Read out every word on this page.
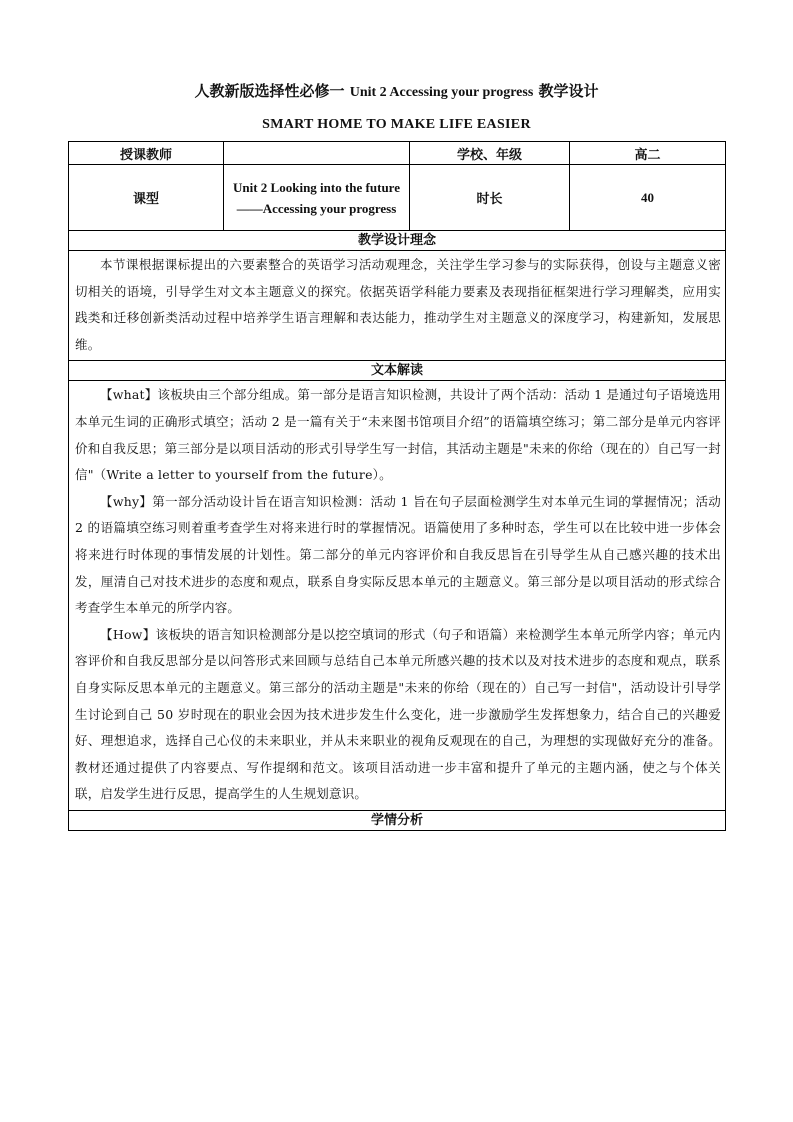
人教新版选择性必修一 Unit 2 Accessing your progress 教学设计
SMART HOME TO MAKE LIFE EASIER
授课教师		学校、年级	高二
课型	Unit 2 Looking into the future ——Accessing your progress	时长	40
教学设计理念			

本节课根据课标提出的六要素整合的英语学习活动观理念，关注学生学习参与的实际获得，创设与主题意义密切相关的语境，引导学生对文本主题意义的探究。依据英语学科能力要素及表现指征框架进行学习理解类，应用实践类和迁移创新类活动过程中培养学生语言理解和表达能力，推动学生对主题意义的深度学习，构建新知，发展思维。			

文本解读			

【what】该板块由三个部分组成。第一部分是语言知识检测，共设计了两个活动：活动 1 是通过句子语境选用本单元生词的正确形式填空；活动 2 是一篇有关于“未来图书馆项目介绍”的语篇填空练习；第二部分是单元内容评价和自我反思；第三部分是以项目活动的形式引导学生写一封信，其活动主题是"未来的你给（现在的）自己写一封信"（Write a letter to yourself from the future）。

【why】第一部分活动设计旨在语言知识检测：活动 1 旨在句子层面检测学生对本单元生词的掌握情况；活动 2 的语篇填空练习则着重考查学生对将来进行时的掌握情况。语篇使用了多种时态，学生可以在比较中进一步体会将来进行时体现的事情发展的计划性。第二部分的单元内容评价和自我反思旨在引导学生从自己感兴趣的技术出发，厘清自己对技术进步的态度和观点，联系自身实际反思本单元的主题意义。第三部分是以项目活动的形式综合考查学生本单元的所学内容。

【How】该板块的语言知识检测部分是以挖空填词的形式（句子和语篇）来检测学生本单元所学内容；单元内容评价和自我反思部分是以问答形式来回顾与总结自己本单元所感兴趣的技术以及对技术进步的态度和观点，联系自身实际反思本单元的主题意义。第三部分的活动主题是"未来的你给（现在的）自己写一封信"，活动设计引导学生讨论到自己 50 岁时现在的职业会因为技术进步发生什么变化，进一步激励学生发挥想象力，结合自己的兴趣爱好、理想追求，选择自己心仪的未来职业，并从未来职业的视角反观现在的自己，为理想的实现做好充分的准备。教材还通过提供了内容要点、写作提纲和范文。该项目活动进一步丰富和提升了单元的主题内涵，使之与个体关联，启发学生进行反思，提高学生的人生规划意识。			

学情分析			
